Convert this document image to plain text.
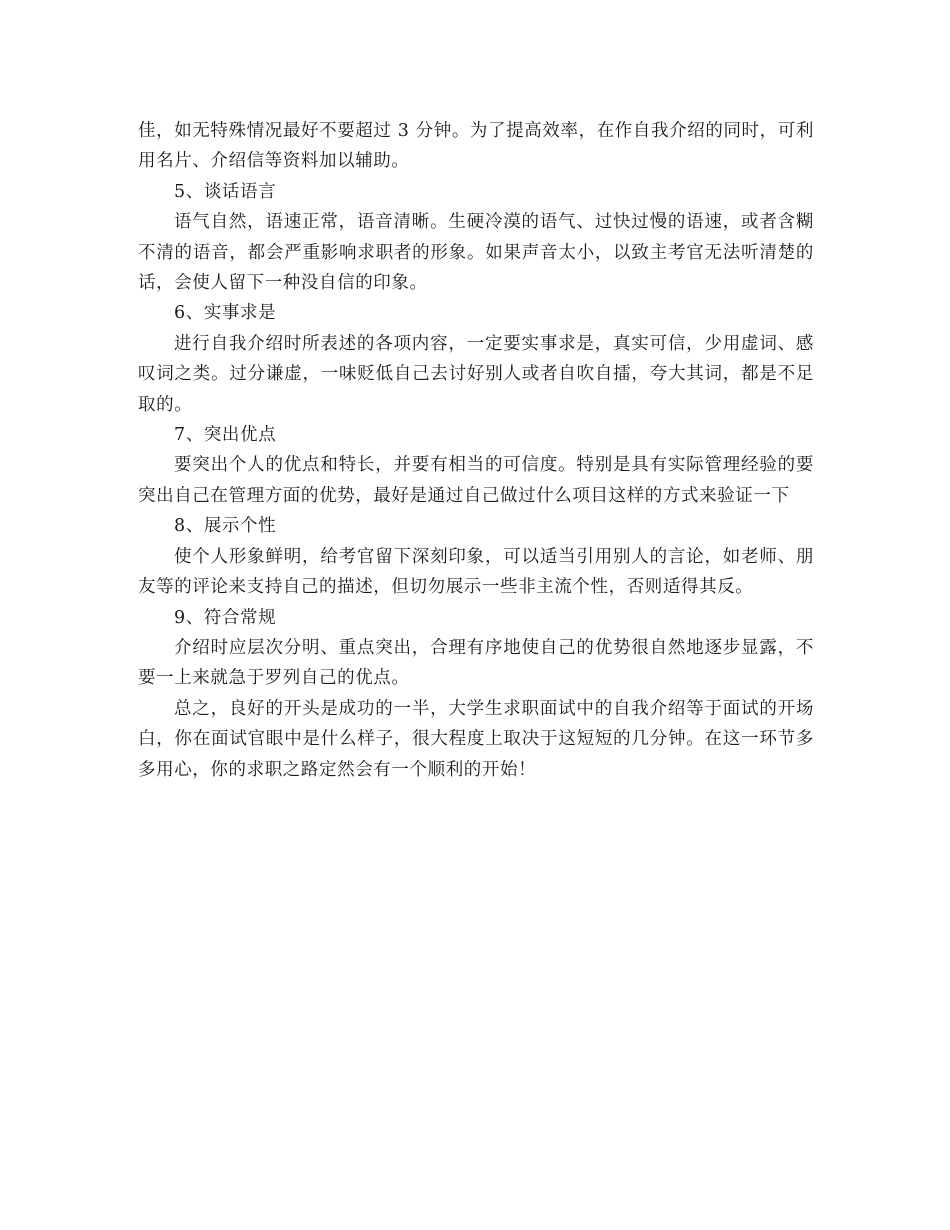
佳，如无特殊情况最好不要超过 3 分钟。为了提高效率，在作自我介绍的同时，可利用名片、介绍信等资料加以辅助。

5、谈话语言

语气自然，语速正常，语音清晰。生硬冷漠的语气、过快过慢的语速，或者含糊不清的语音，都会严重影响求职者的形象。如果声音太小，以致主考官无法听清楚的话，会使人留下一种没自信的印象。

6、实事求是

进行自我介绍时所表述的各项内容，一定要实事求是，真实可信，少用虚词、感叹词之类。过分谦虚，一味贬低自己去讨好别人或者自吹自擂，夸大其词，都是不足取的。

7、突出优点

要突出个人的优点和特长，并要有相当的可信度。特别是具有实际管理经验的要突出自己在管理方面的优势，最好是通过自己做过什么项目这样的方式来验证一下

8、展示个性

使个人形象鲜明，给考官留下深刻印象，可以适当引用别人的言论，如老师、朋友等的评论来支持自己的描述，但切勿展示一些非主流个性，否则适得其反。

9、符合常规

介绍时应层次分明、重点突出，合理有序地使自己的优势很自然地逐步显露，不要一上来就急于罗列自己的优点。

总之，良好的开头是成功的一半，大学生求职面试中的自我介绍等于面试的开场白，你在面试官眼中是什么样子，很大程度上取决于这短短的几分钟。在这一环节多多用心，你的求职之路定然会有一个顺利的开始！
